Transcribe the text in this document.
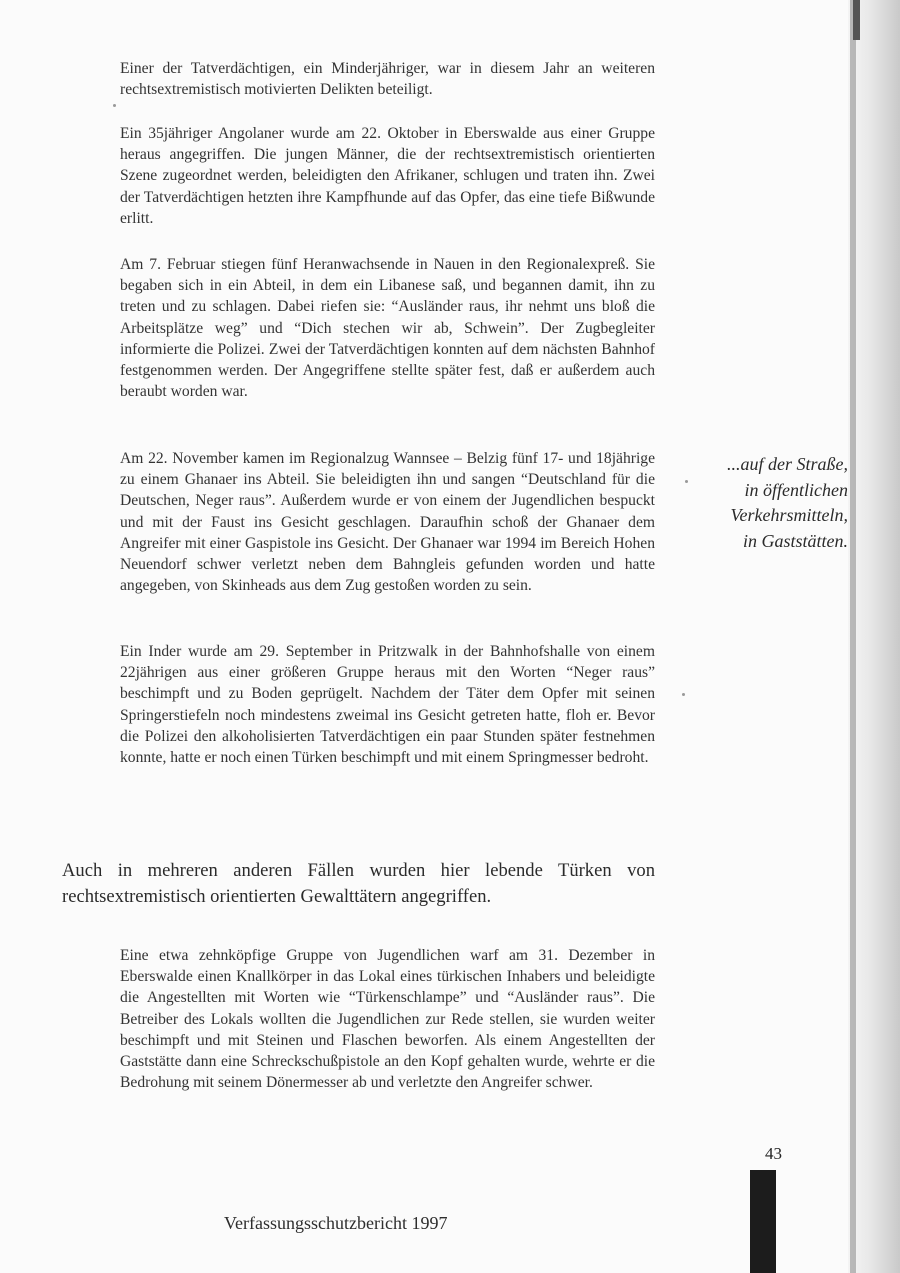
Einer der Tatverdächtigen, ein Minderjähriger, war in diesem Jahr an weiteren rechtsextremistisch motivierten Delikten beteiligt.

Ein 35jähriger Angolaner wurde am 22. Oktober in Eberswalde aus einer Gruppe heraus angegriffen. Die jungen Männer, die der rechtsextremistisch orientierten Szene zugeordnet werden, beleidigten den Afrikaner, schlugen und traten ihn. Zwei der Tatverdächtigen hetzten ihre Kampfhunde auf das Opfer, das eine tiefe Bißwunde erlitt.

Am 7. Februar stiegen fünf Heranwachsende in Nauen in den Regionalexpreß. Sie begaben sich in ein Abteil, in dem ein Libanese saß, und begannen damit, ihn zu treten und zu schlagen. Dabei riefen sie: “Ausländer raus, ihr nehmt uns bloß die Arbeitsplätze weg” und “Dich stechen wir ab, Schwein”. Der Zugbegleiter informierte die Polizei. Zwei der Tatverdächtigen konnten auf dem nächsten Bahnhof festgenommen werden. Der Angegriffene stellte später fest, daß er außerdem auch beraubt worden war.

Am 22. November kamen im Regionalzug Wannsee – Belzig fünf 17- und 18jährige zu einem Ghanaer ins Abteil. Sie beleidigten ihn und sangen “Deutschland für die Deutschen, Neger raus”. Außerdem wurde er von einem der Jugendlichen bespuckt und mit der Faust ins Gesicht geschlagen. Daraufhin schoß der Ghanaer dem Angreifer mit einer Gaspistole ins Gesicht. Der Ghanaer war 1994 im Bereich Hohen Neuendorf schwer verletzt neben dem Bahngleis gefunden worden und hatte angegeben, von Skinheads aus dem Zug gestoßen worden zu sein.

Ein Inder wurde am 29. September in Pritzwalk in der Bahnhofshalle von einem 22jährigen aus einer größeren Gruppe heraus mit den Worten “Neger raus” beschimpft und zu Boden geprügelt. Nachdem der Täter dem Opfer mit seinen Springerstiefeln noch mindestens zweimal ins Gesicht getreten hatte, floh er. Bevor die Polizei den alkoholisierten Tatverdächtigen ein paar Stunden später festnehmen konnte, hatte er noch einen Türken beschimpft und mit einem Springmesser bedroht.

...auf der Straße,
in öffentlichen
Verkehrsmitteln,
in Gaststätten.

Auch in mehreren anderen Fällen wurden hier lebende Türken von rechtsextremistisch orientierten Gewalttätern angegriffen.

Eine etwa zehnköpfige Gruppe von Jugendlichen warf am 31. Dezember in Eberswalde einen Knallkörper in das Lokal eines türkischen Inhabers und beleidigte die Angestellten mit Worten wie “Türkenschlampe” und “Ausländer raus”. Die Betreiber des Lokals wollten die Jugendlichen zur Rede stellen, sie wurden weiter beschimpft und mit Steinen und Flaschen beworfen. Als einem Angestellten der Gaststätte dann eine Schreckschußpistole an den Kopf gehalten wurde, wehrte er die Bedrohung mit seinem Dönermesser ab und verletzte den Angreifer schwer.

43
Verfassungsschutzbericht 1997
